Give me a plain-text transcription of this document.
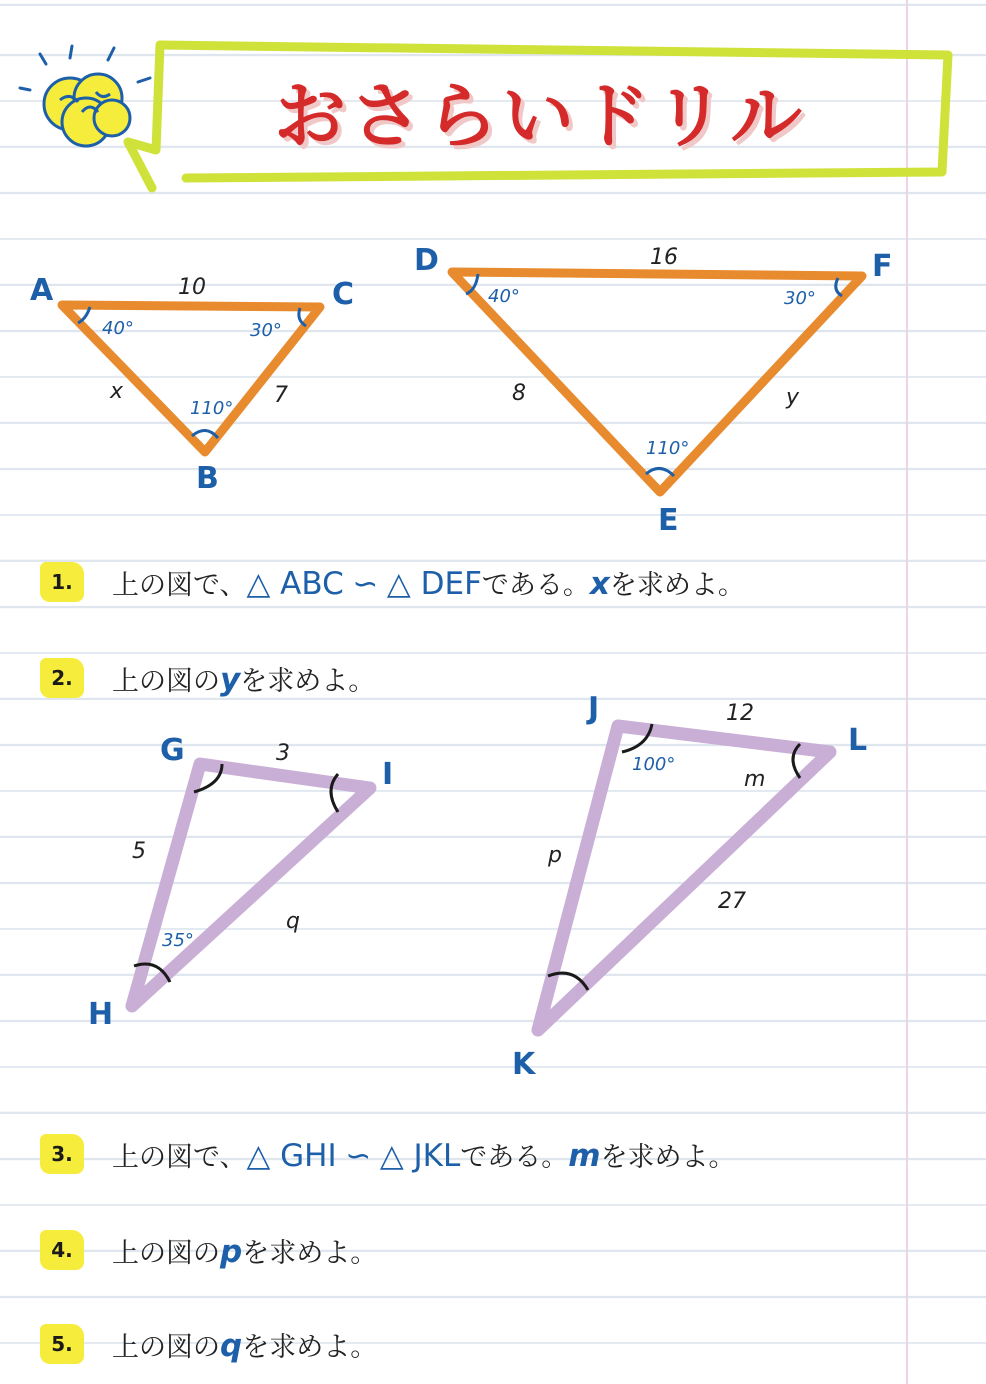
おさらいドリル
A
B
C
10
x	7
40°	30°
110°
D
E
F
16
8	y
40°	30°
110°
G
H
I
3
5
q
35°
J
K
L
12
p
27
100°
m
1.	上の図で、△ ABC ∽ △ DEFである。xを求めよ。
2.	上の図のyを求めよ。
3.	上の図で、△ GHI ∽ △ JKLである。mを求めよ。
4.	上の図のpを求めよ。
5.	上の図のqを求めよ。
